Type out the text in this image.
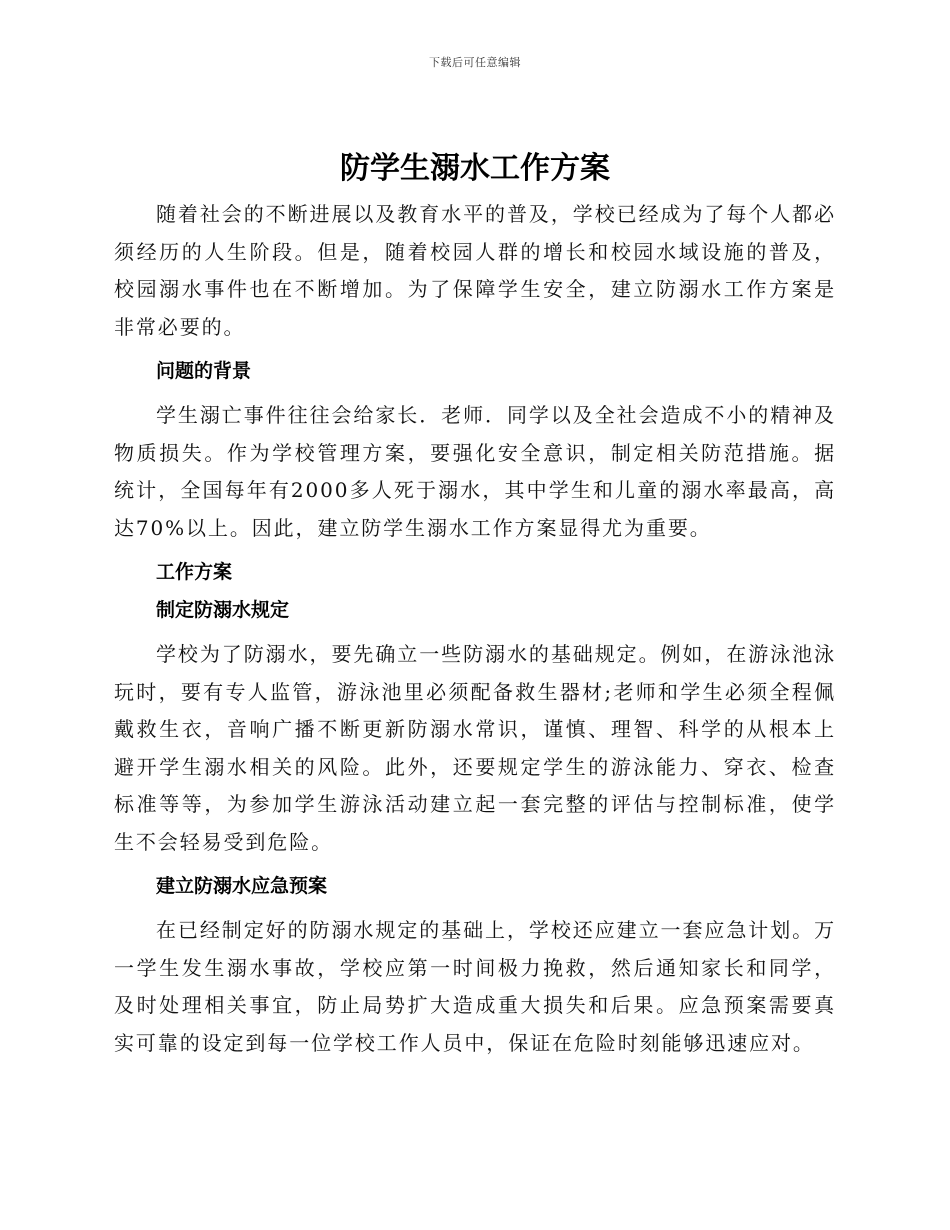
下载后可任意编辑
防学生溺水工作方案

随着社会的不断进展以及教育水平的普及，学校已经成为了每个人都必须经历的人生阶段。但是，随着校园人群的增长和校园水域设施的普及，校园溺水事件也在不断增加。为了保障学生安全，建立防溺水工作方案是非常必要的。

问题的背景

学生溺亡事件往往会给家长．老师．同学以及全社会造成不小的精神及物质损失。作为学校管理方案，要强化安全意识，制定相关防范措施。据统计，全国每年有2000多人死于溺水，其中学生和儿童的溺水率最高，高达70%以上。因此，建立防学生溺水工作方案显得尤为重要。

工作方案
制定防溺水规定

学校为了防溺水，要先确立一些防溺水的基础规定。例如，在游泳池泳玩时，要有专人监管，游泳池里必须配备救生器材;老师和学生必须全程佩戴救生衣，音响广播不断更新防溺水常识，谨慎、理智、科学的从根本上避开学生溺水相关的风险。此外，还要规定学生的游泳能力、穿衣、检查标准等等，为参加学生游泳活动建立起一套完整的评估与控制标准，使学生不会轻易受到危险。

建立防溺水应急预案

在已经制定好的防溺水规定的基础上，学校还应建立一套应急计划。万一学生发生溺水事故，学校应第一时间极力挽救，然后通知家长和同学，及时处理相关事宜，防止局势扩大造成重大损失和后果。应急预案需要真实可靠的设定到每一位学校工作人员中，保证在危险时刻能够迅速应对。
